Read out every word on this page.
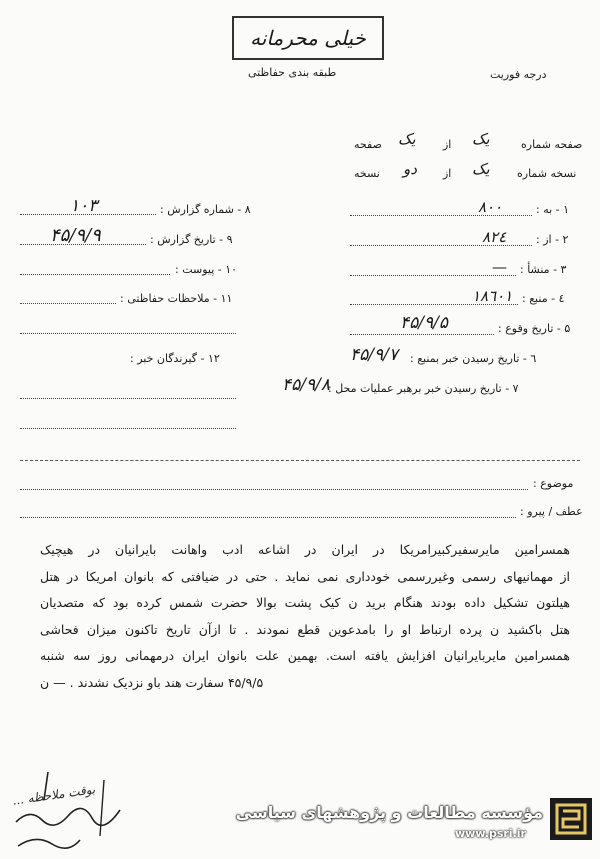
خیلی محرمانه
طبقه بندی حفاظتی	درجه فوریت
صفحه شماره
یک
از
یک
صفحه
نسخه شماره
یک
از
دو
نسخه
۱ - به :
۸۰۰
۲ - از :
۸۲٤
۳ - منشأ :
—
٤ - منبع :
۱۸٦۰۱
۵ - تاریخ وقوع :
۴۵/۹/۵
٦ - تاریخ رسیدن خبر بمنبع :
۴۵/۹/۷
۷ - تاریخ رسیدن خبر برهبر عملیات محل :
۴۵/۹/۸
۸ - شماره گزارش :
۱۰۳
۹ - تاریخ گزارش :
۴۵/۹/۹
۱۰ - پیوست :
۱۱ - ملاحظات حفاظتی :
۱۲ - گیرندگان خبر :
موضوع :
عطف / پیرو :
همسرامین مایرسفیرکبیرامریکا در ایران در اشاعه ادب واهانت بایرانیان در هیچیک
از مهمانیهای رسمی وغیررسمی خودداری نمی نماید . حتی در ضیافتی که بانوان امریکا در هتل
هیلتون تشکیل داده بودند هنگام برید ن کیک پشت بوالا حضرت شمس کرده بود که متصدیان
هتل باکشید ن پرده ارتباط او را بامدعوین قطع نمودند . تا ازآن تاریخ تاکنون میزان فحاشی
همسرامین مایربایرانیان افزایش یافته است. بهمین علت بانوان ایران درمهمانی روز سه شنبه
۴۵/۹/۵ سفارت هند باو نزدیک نشدند . — ن
بوقت ملاحظه ...
مؤسسه مطالعات و پژوهشهای سیاسی
www.psri.ir
